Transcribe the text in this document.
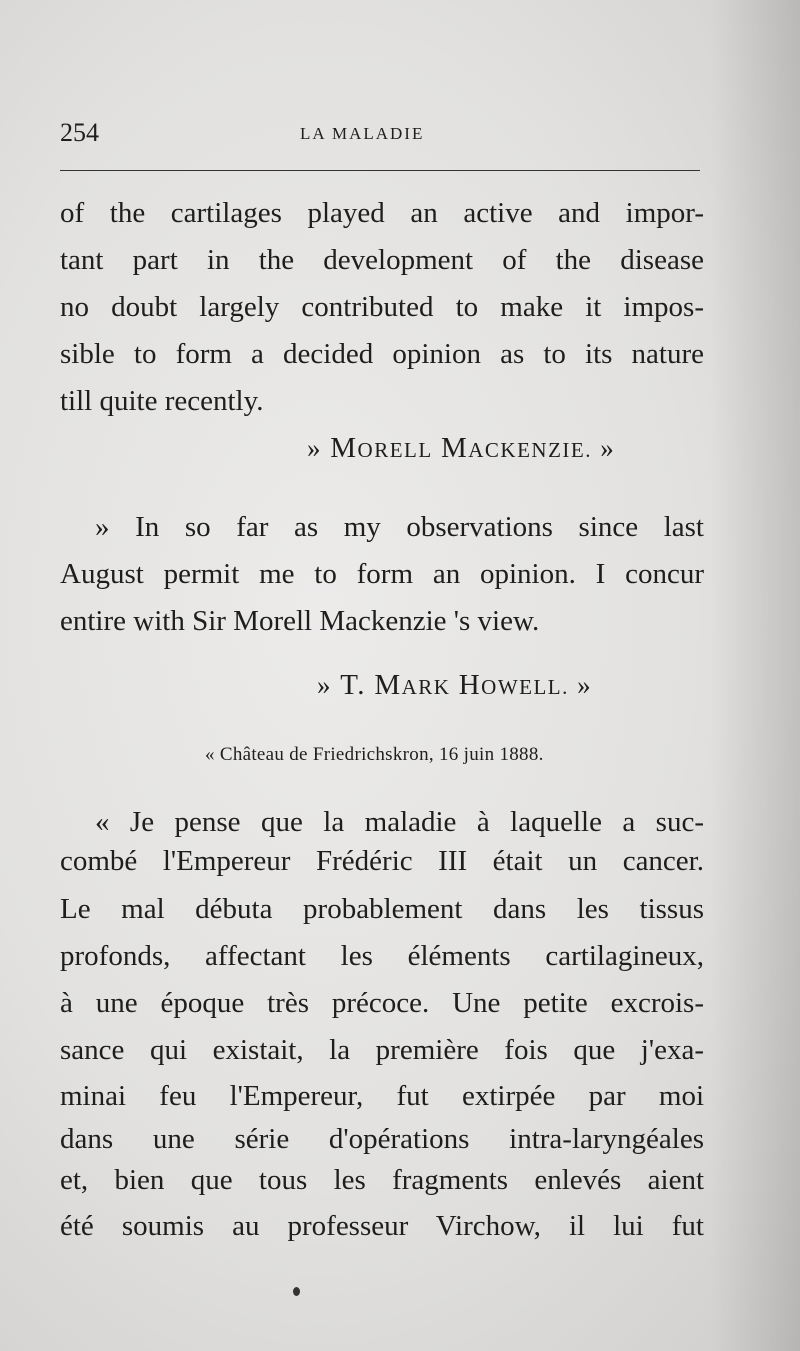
254	LA MALADIE
of the cartilages played an active and impor-
tant part in the development of the disease
no doubt largely contributed to make it impos-
sible to form a decided opinion as to its nature
till quite recently.
» MORELL MACKENZIE. »
» In so far as my observations since last
August permit me to form an opinion. I concur
entire with Sir Morell Mackenzie 's view.
» T. MARK HOWELL. »
« Château de Friedrichskron, 16 juin 1888.
« Je pense que la maladie à laquelle a suc-
combé l'Empereur Frédéric III était un cancer.
Le mal débuta probablement dans les tissus
profonds, affectant les éléments cartilagineux,
à une époque très précoce. Une petite excrois-
sance qui existait, la première fois que j'exa-
minai feu l'Empereur, fut extirpée par moi
dans une série d'opérations intra-laryngéales
et, bien que tous les fragments enlevés aient
été soumis au professeur Virchow, il lui fut
